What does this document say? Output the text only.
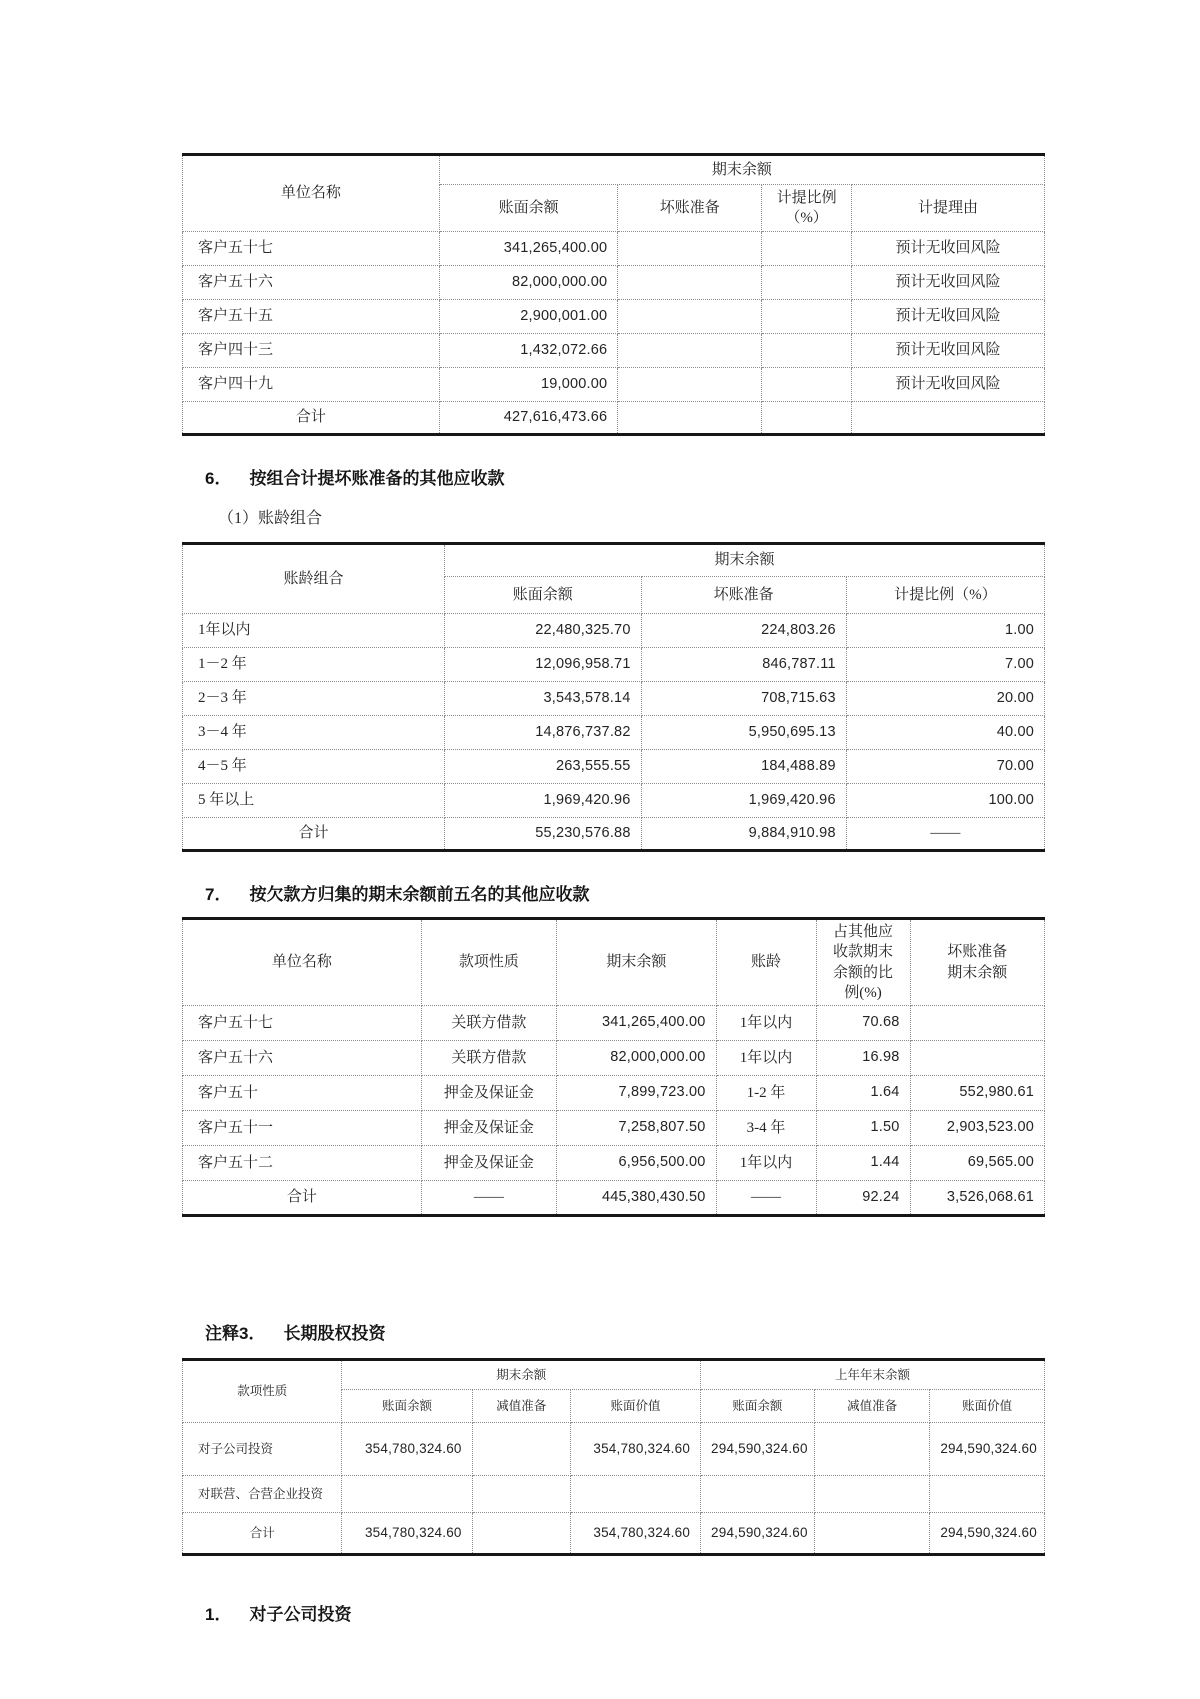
单位名称	期末余额			
	账面余额	坏账准备	计提比例（%）	计提理由
客户五十七	341,265,400.00			预计无收回风险
客户五十六	82,000,000.00			预计无收回风险
客户五十五	2,900,001.00			预计无收回风险
客户四十三	1,432,072.66			预计无收回风险
客户四十九	19,000.00			预计无收回风险
合计	427,616,473.66			
6． 按组合计提坏账准备的其他应收款
（1）账龄组合
账龄组合	期末余额		
	账面余额	坏账准备	计提比例（%）
1年以内	22,480,325.70	224,803.26	1.00
1－2 年	12,096,958.71	846,787.11	7.00
2－3 年	3,543,578.14	708,715.63	20.00
3－4 年	14,876,737.82	5,950,695.13	40.00
4－5 年	263,555.55	184,488.89	70.00
5 年以上	1,969,420.96	1,969,420.96	100.00
合计	55,230,576.88	9,884,910.98	——
7． 按欠款方归集的期末余额前五名的其他应收款
单位名称	款项性质	期末余额	账龄	占其他应收款期末余额的比例(%)	坏账准备期末余额
客户五十七	关联方借款	341,265,400.00	1年以内	70.68	
客户五十六	关联方借款	82,000,000.00	1年以内	16.98	
客户五十	押金及保证金	7,899,723.00	1-2 年	1.64	552,980.61
客户五十一	押金及保证金	7,258,807.50	3-4 年	1.50	2,903,523.00
客户五十二	押金及保证金	6,956,500.00	1年以内	1.44	69,565.00
合计	——	445,380,430.50	——	92.24	3,526,068.61
注释3． 长期股权投资
款项性质	期末余额			上年年末余额		
	账面余额	减值准备	账面价值	账面余额	减值准备	账面价值
对子公司投资	354,780,324.60		354,780,324.60	294,590,324.60		294,590,324.60
对联营、合营企业投资						
合计	354,780,324.60		354,780,324.60	294,590,324.60		294,590,324.60
1． 对子公司投资
